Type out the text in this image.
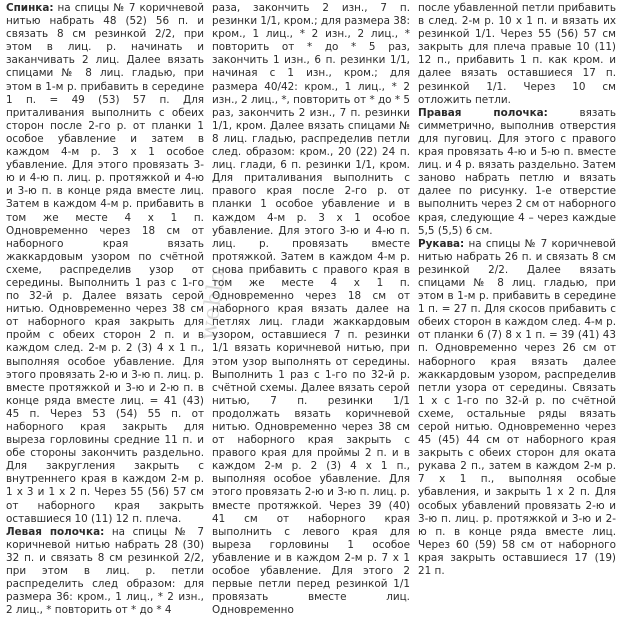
Спинка: на спицы № 7 коричневой нитью набрать 48 (52) 56 п. и связать 8 см резинкой 2/2, при этом в лиц. р. начинать и заканчивать 2 лиц. Далее вязать спицами № 8 лиц. гладью, при этом в 1-м р. прибавить в середине 1 п. = 49 (53) 57 п. Для приталивания выполнить с обеих сторон после 2-го р. от планки 1 особое убавление и затем в каждом 4-м р. 3 х 1 особое убавление. Для этого провязать 3-ю и 4-ю п. лиц. р. протяжкой и 4-ю и 3-ю п. в конце ряда вместе лиц. Затем в каждом 4-м р. прибавить в том же месте 4 х 1 п. Одновременно через 18 см от наборного края вязать жаккардовым узором по счётной схеме, распределив узор от середины. Выполнить 1 раз с 1-го по 32-й р. Далее вязать серой нитью. Одновременно через 38 см от наборного края закрыть для пройм с обеих сторон 2 п. и в каждом след. 2-м р. 2 (3) 4 х 1 п., выполняя особое убавление. Для этого провязать 2-ю и 3-ю п. лиц. р. вместе протяжкой и 3-ю и 2-ю п. в конце ряда вместе лиц. = 41 (43) 45 п. Через 53 (54) 55 п. от наборного края закрыть для выреза горловины средние 11 п. и обе стороны закончить раздельно. Для закругления закрыть с внутреннего края в каждом 2-м р. 1 х 3 и 1 х 2 п. Через 55 (56) 57 см от наборного края закрыть оставшиеся 10 (11) 12 п. плеча.

Левая полочка: на спицы № 7 коричневой нитью набрать 28 (30) 32 п. и связать 8 см резинкой 2/2, при этом в лиц. р. петли распределить след образом: для размера 36: кром., 1 лиц., * 2 изн., 2 лиц., * повторить от * до * 4

раза, закончить 2 изн., 7 п. резинки 1/1, кром.; для размера 38: кром., 1 лиц., * 2 изн., 2 лиц., * повторить от * до * 5 раз, закончить 1 изн., 6 п. резинки 1/1, начиная с 1 изн., кром.; для размера 40/42: кром., 1 лиц., * 2 изн., 2 лиц., *, повторить от * до * 5 раз, закончить 2 изн., 7 п. резинки 1/1, кром. Далее вязать спицами № 8 лиц. гладью, распределив петли след. образом: кром., 20 (22) 24 п. лиц. глади, 6 п. резинки 1/1, кром. Для приталивания выполнить с правого края после 2-го р. от планки 1 особое убавление и в каждом 4-м р. 3 х 1 особое убавление. Для этого 3-ю и 4-ю п. лиц. р. провязать вместе протяжкой. Затем в каждом 4-м р. снова прибавить с правого края в том же месте 4 х 1 п. Одновременно через 18 см от наборного края вязать далее на петлях лиц. глади жаккардовым узором, оставшиеся 7 п. резинки 1/1 вязать коричневой нитью, при этом узор выполнять от середины. Выполнить 1 раз с 1-го по 32-й р. счётной схемы. Далее вязать серой нитью, 7 п. резинки 1/1 продолжать вязать коричневой нитью. Одновременно через 38 см от наборного края закрыть с правого края для проймы 2 п. и в каждом 2-м р. 2 (3) 4 х 1 п., выполняя особое убавление. Для этого провязать 2-ю и 3-ю п. лиц. р. вместе протяжкой. Через 39 (40) 41 см от наборного края выполнить с левого края для выреза горловины 1 особое убавление и в каждом 2-м р. 7 х 1 особое убавление. Для этого 2 первые петли перед резинкой 1/1 провязать вместе лиц. Одновременно

после убавленной петли прибавить в след. 2-м р. 10 х 1 п. и вязать их резинкой 1/1. Через 55 (56) 57 см закрыть для плеча правые 10 (11) 12 п., прибавить 1 п. как кром. и далее вязать оставшиеся 17 п. резинкой 1/1. Через 10 см отложить петли.

Правая полочка: вязать симметрично, выполнив отверстия для пуговиц. Для этого с правого края провязать 4-ю и 5-ю п. вместе лиц. и 4 р. вязать раздельно. Затем заново набрать петлю и вязать далее по рисунку. 1-е отверстие выполнить через 2 см от наборного края, следующие 4 – через каждые 5,5 (5,5) 6 см.

Рукава: на спицы № 7 коричневой нитью набрать 26 п. и связать 8 см резинкой 2/2. Далее вязать спицами № 8 лиц. гладью, при этом в 1-м р. прибавить в середине 1 п. = 27 п. Для скосов прибавить с обеих сторон в каждом след. 4-м р. от планки 6 (7) 8 х 1 п. = 39 (41) 43 п. Одновременно через 26 см от наборного края вязать далее жаккардовым узором, распределив петли узора от середины. Связать 1 х с 1-го по 32-й р. по счётной схеме, остальные ряды вязать серой нитью. Одновременно через 45 (45) 44 см от наборного края закрыть с обеих сторон для оката рукава 2 п., затем в каждом 2-м р. 7 х 1 п., выполняя особые убавления, и закрыть 1 х 2 п. Для особых убавлений провязать 2-ю и 3-ю п. лиц. р. протяжкой и 3-ю и 2-ю п. в конце ряда вместе лиц. Через 60 (59) 58 см от наборного края закрыть оставшиеся 17 (19) 21 п.

weblo
